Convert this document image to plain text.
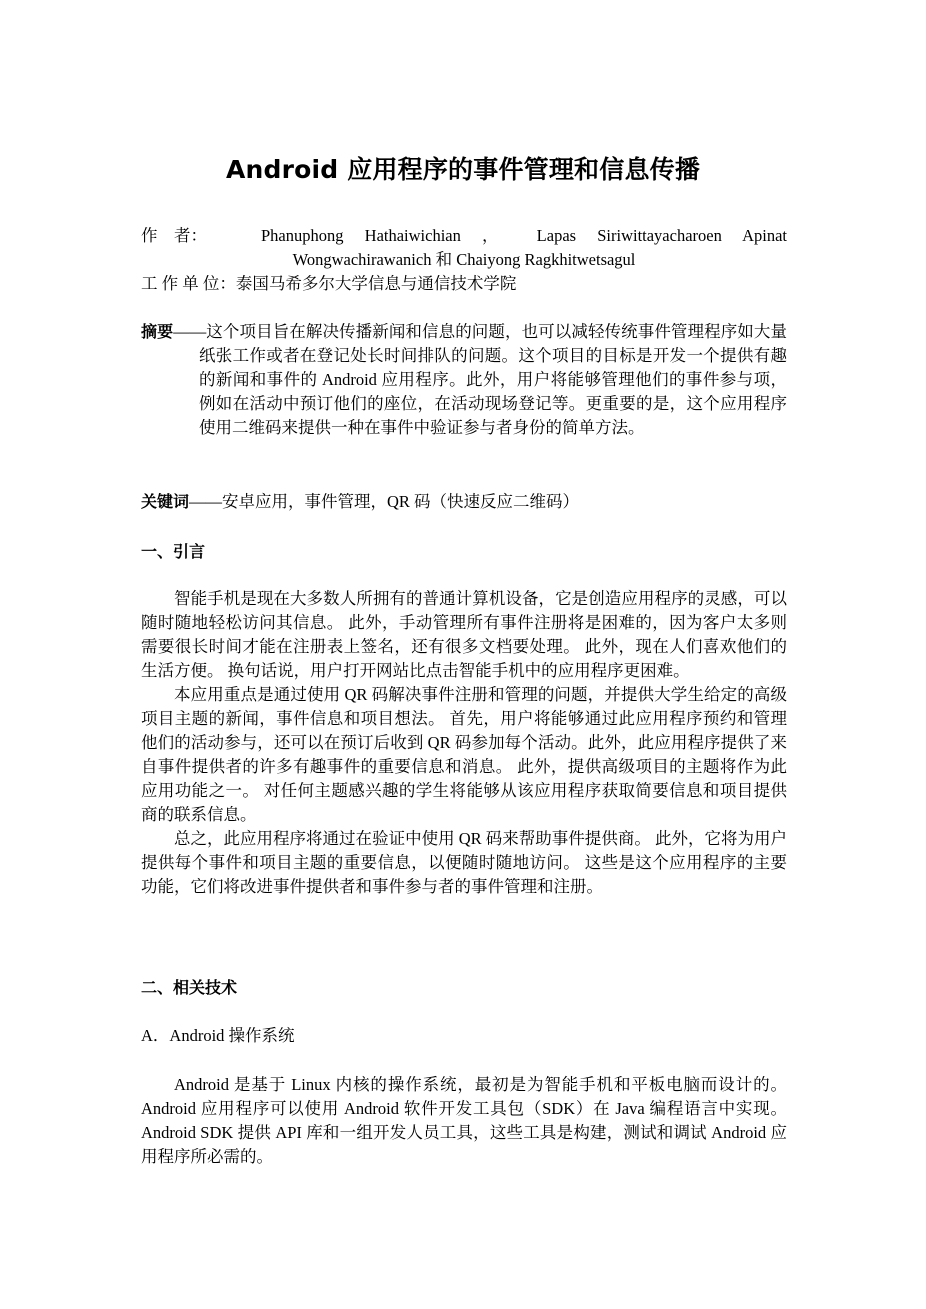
Android 应用程序的事件管理和信息传播
作    者：	Phanuphong Hathaiwichian ， Lapas Siriwittayacharoen Apinat
Wongwachirawanich 和 Chaiyong Ragkhitwetsagul
工 作 单 位：泰国马希多尔大学信息与通信技术学院

摘要——这个项目旨在解决传播新闻和信息的问题，也可以减轻传统事件管理程序如大量纸张工作或者在登记处长时间排队的问题。这个项目的目标是开发一个提供有趣的新闻和事件的 Android 应用程序。此外，用户将能够管理他们的事件参与项，例如在活动中预订他们的座位，在活动现场登记等。更重要的是，这个应用程序使用二维码来提供一种在事件中验证参与者身份的简单方法。

关键词——安卓应用，事件管理，QR 码（快速反应二维码）
一、引言

智能手机是现在大多数人所拥有的普通计算机设备，它是创造应用程序的灵感，可以随时随地轻松访问其信息。 此外，手动管理所有事件注册将是困难的，因为客户太多则需要很长时间才能在注册表上签名，还有很多文档要处理。 此外，现在人们喜欢他们的生活方便。 换句话说，用户打开网站比点击智能手机中的应用程序更困难。

本应用重点是通过使用 QR 码解决事件注册和管理的问题，并提供大学生给定的高级项目主题的新闻，事件信息和项目想法。 首先，用户将能够通过此应用程序预约和管理他们的活动参与，还可以在预订后收到 QR 码参加每个活动。此外，此应用程序提供了来自事件提供者的许多有趣事件的重要信息和消息。 此外，提供高级项目的主题将作为此应用功能之一。 对任何主题感兴趣的学生将能够从该应用程序获取简要信息和项目提供商的联系信息。

总之，此应用程序将通过在验证中使用 QR 码来帮助事件提供商。 此外，它将为用户提供每个事件和项目主题的重要信息，以便随时随地访问。 这些是这个应用程序的主要功能，它们将改进事件提供者和事件参与者的事件管理和注册。

二、相关技术
A．Android 操作系统

Android 是基于 Linux 内核的操作系统，最初是为智能手机和平板电脑而设计的。 Android 应用程序可以使用 Android 软件开发工具包（SDK）在 Java 编程语言中实现。 Android SDK 提供 API 库和一组开发人员工具，这些工具是构建，测试和调试 Android 应用程序所必需的。
